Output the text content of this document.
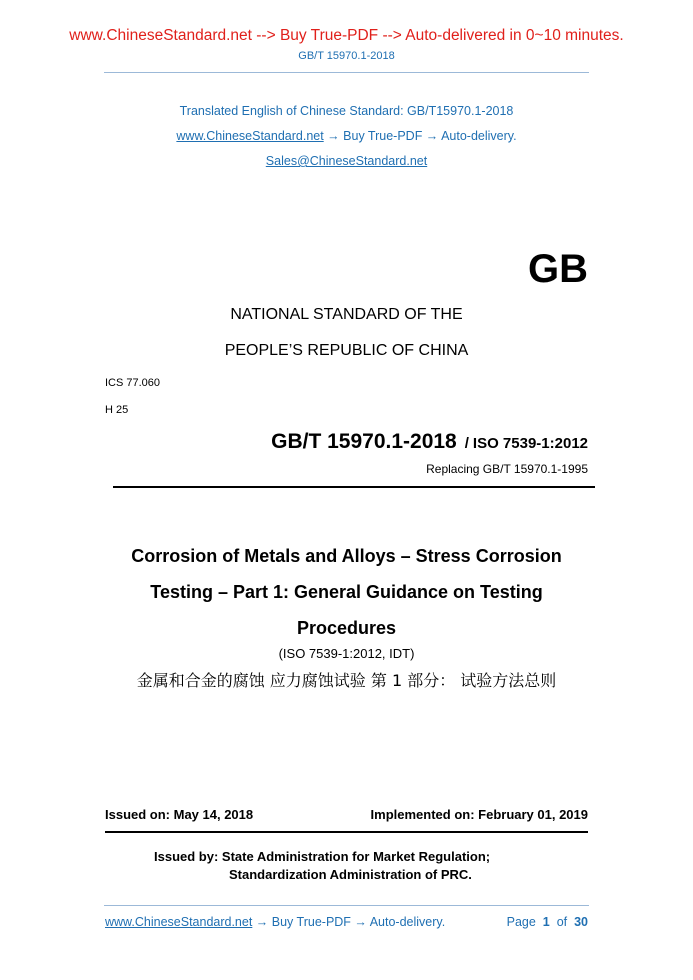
www.ChineseStandard.net --> Buy True-PDF --> Auto-delivered in 0~10 minutes.
GB/T 15970.1-2018
Translated English of Chinese Standard: GB/T15970.1-2018
www.ChineseStandard.net → Buy True-PDF → Auto-delivery.
Sales@ChineseStandard.net
GB
NATIONAL STANDARD OF THE
PEOPLE’S REPUBLIC OF CHINA
ICS 77.060
H 25
GB/T 15970.1-2018 / ISO 7539-1:2012
Replacing GB/T 15970.1-1995
Corrosion of Metals and Alloys – Stress Corrosion
Testing – Part 1: General Guidance on Testing
Procedures
(ISO 7539-1:2012, IDT)
金属和合金的腐蚀 应力腐蚀试验 第 1 部分： 试验方法总则
Issued on: May 14, 2018	Implemented on: February 01, 2019
Issued by: State Administration for Market Regulation;
Standardization Administration of PRC.
www.ChineseStandard.net → Buy True-PDF → Auto-delivery.	Page 1 of 30
